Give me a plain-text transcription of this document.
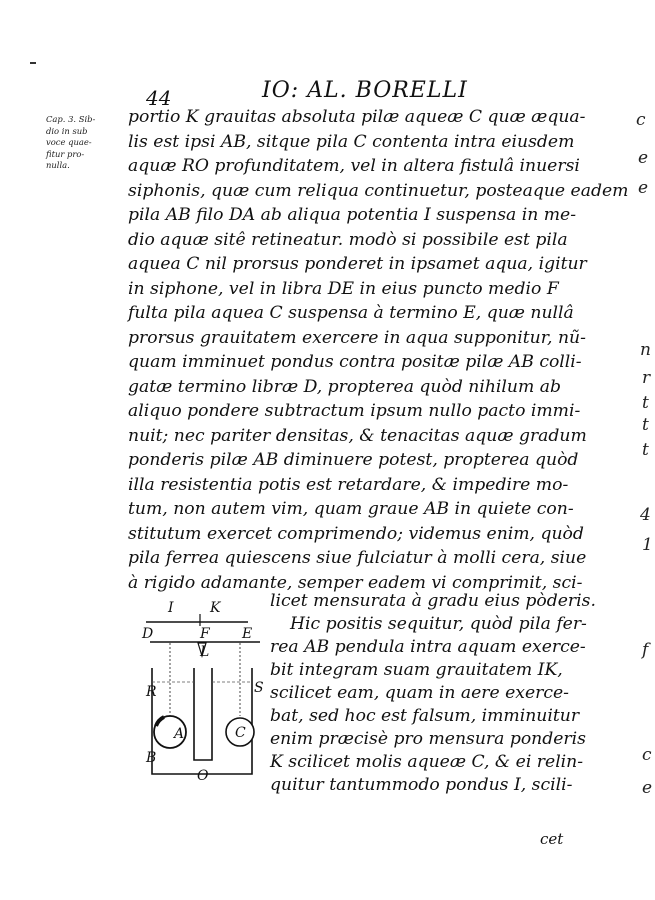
44	IO: AL. BORELLI
Cap. 3. Sib-
dio in sub
voce quae-
fitur pro-
nulla.
portio K grauitas absoluta pilæ aqueæ C quæ æqua-
lis est ipsi AB, sitque pila C contenta intra eiusdem
aquæ RO profunditatem, vel in altera fistulâ inuersi
siphonis, quæ cum reliqua continuetur, posteaque eadem
pila AB filo DA ab aliqua potentia I suspensa in me-
dio aquæ sitê retineatur. modò si possibile est pila
aquea C nil prorsus ponderet in ipsamet aqua, igitur
in siphone, vel in libra DE in eius puncto medio F
fulta pila aquea C suspensa à termino E, quæ nullâ
prorsus grauitatem exercere in aqua supponitur, nũ-
quam imminuet pondus contra positæ pilæ AB colli-
gatæ termino libræ D, propterea quòd nihilum ab
aliquo pondere subtractum ipsum nullo pacto immi-
nuit; nec pariter densitas, & tenacitas aquæ gradum
ponderis pilæ AB diminuere potest, propterea quòd
illa resistentia potis est retardare, & impedire mo-
tum, non autem vim, quam graue AB in quiete con-
stitutum exercet comprimendo; videmus enim, quòd
pila ferrea quiescens siue fulciatur à molli cera, siue
à rigido adamante, semper eadem vi comprimit, sci-
licet mensurata à gradu eius pòderis.
Hic positis sequitur, quòd pila fer-
rea AB pendula intra aquam exerce-
bit integram suam grauitatem IK,
scilicet eam, quam in aere exerce-
bat, sed hoc est falsum, imminuitur
enim præcisè pro mensura ponderis
K scilicet molis aqueæ C, & ei relin-
quitur tantummodo pondus I, scili-
cet
I	K
D	F E
L
R	S
A
B
C
O
c
e
e
n
r
t
t
t
4
1
f
c
e
